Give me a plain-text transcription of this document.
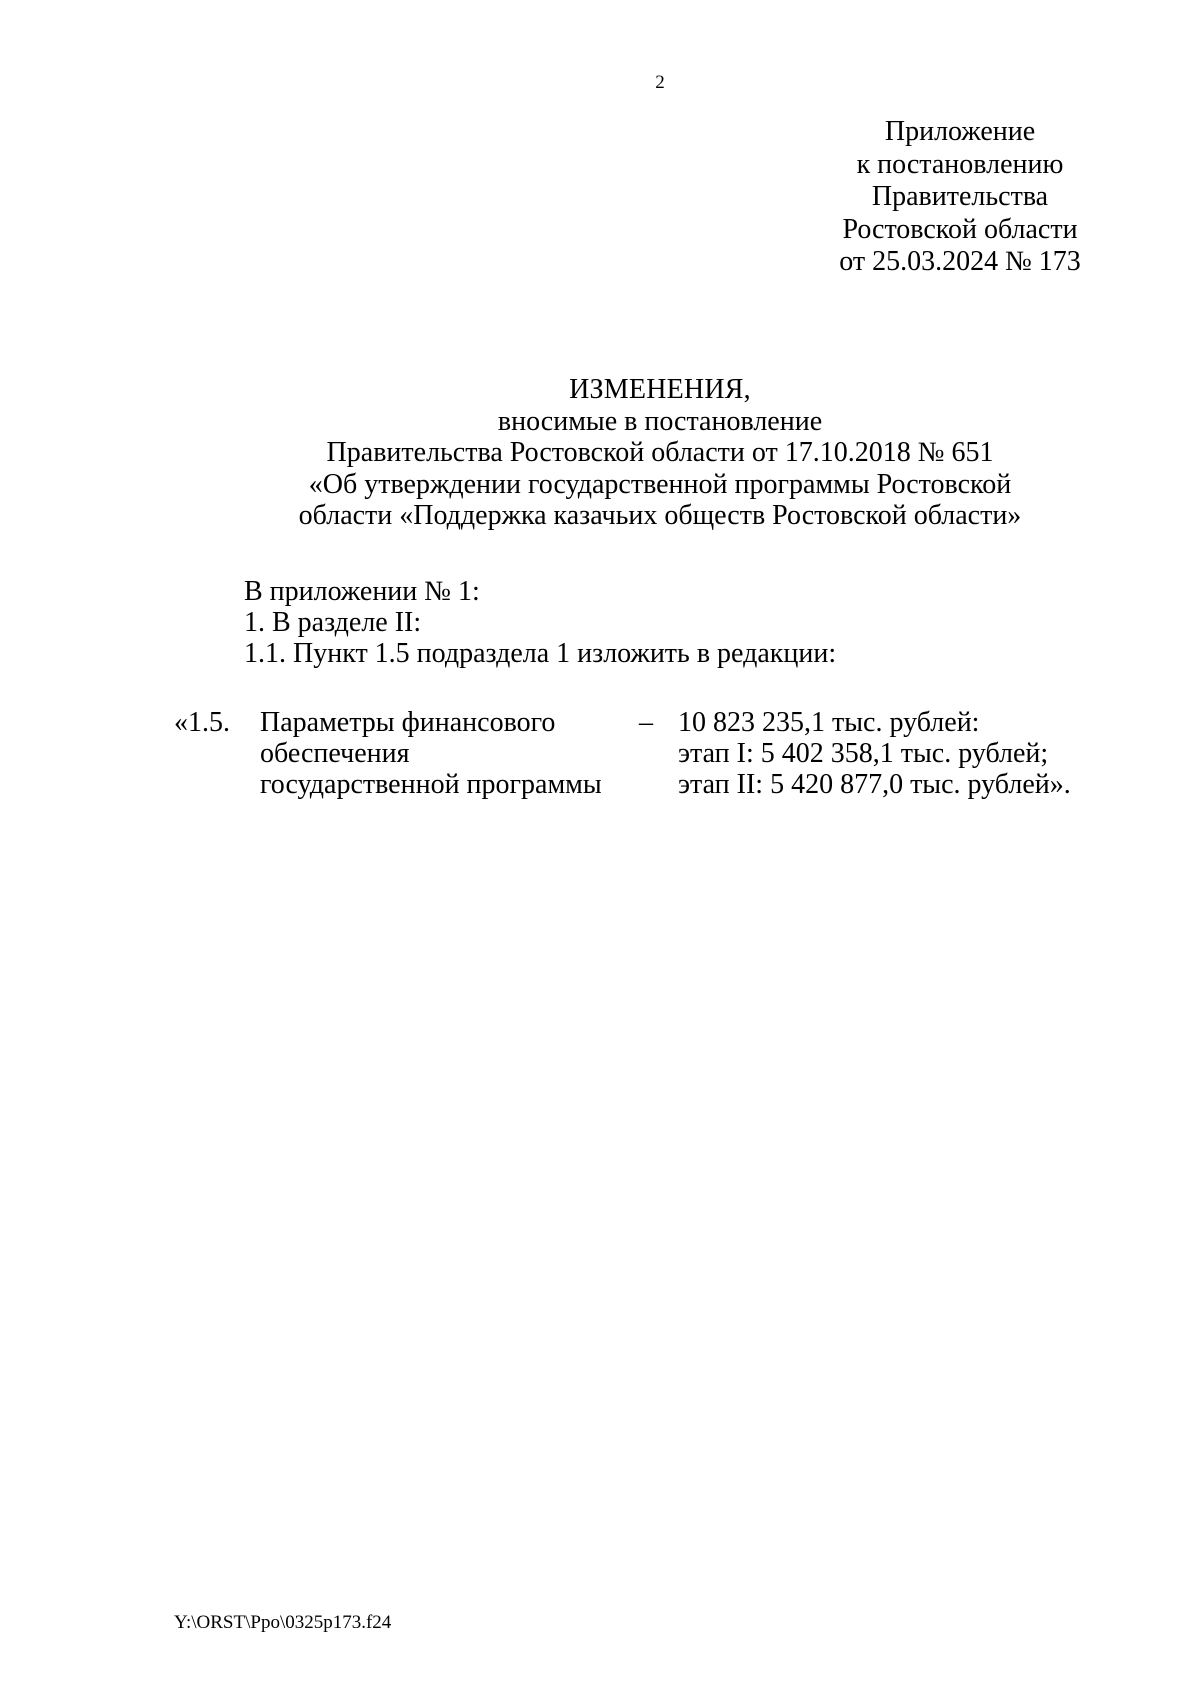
2
Приложение
к постановлению
Правительства
Ростовской области
от 25.03.2024 № 173
ИЗМЕНЕНИЯ,
вносимые в постановление
Правительства Ростовской области от 17.10.2018 № 651
«Об утверждении государственной программы Ростовской
области «Поддержка казачьих обществ Ростовской области»
В приложении № 1:
1. В разделе II:
1.1. Пункт 1.5 подраздела 1 изложить в редакции:
«1.5. Параметры финансового
обеспечения
государственной программы
– 10 823 235,1 тыс. рублей:
этап I: 5 402 358,1 тыс. рублей;
этап II: 5 420 877,0 тыс. рублей».
Y:\ORST\Ppo\0325p173.f24
